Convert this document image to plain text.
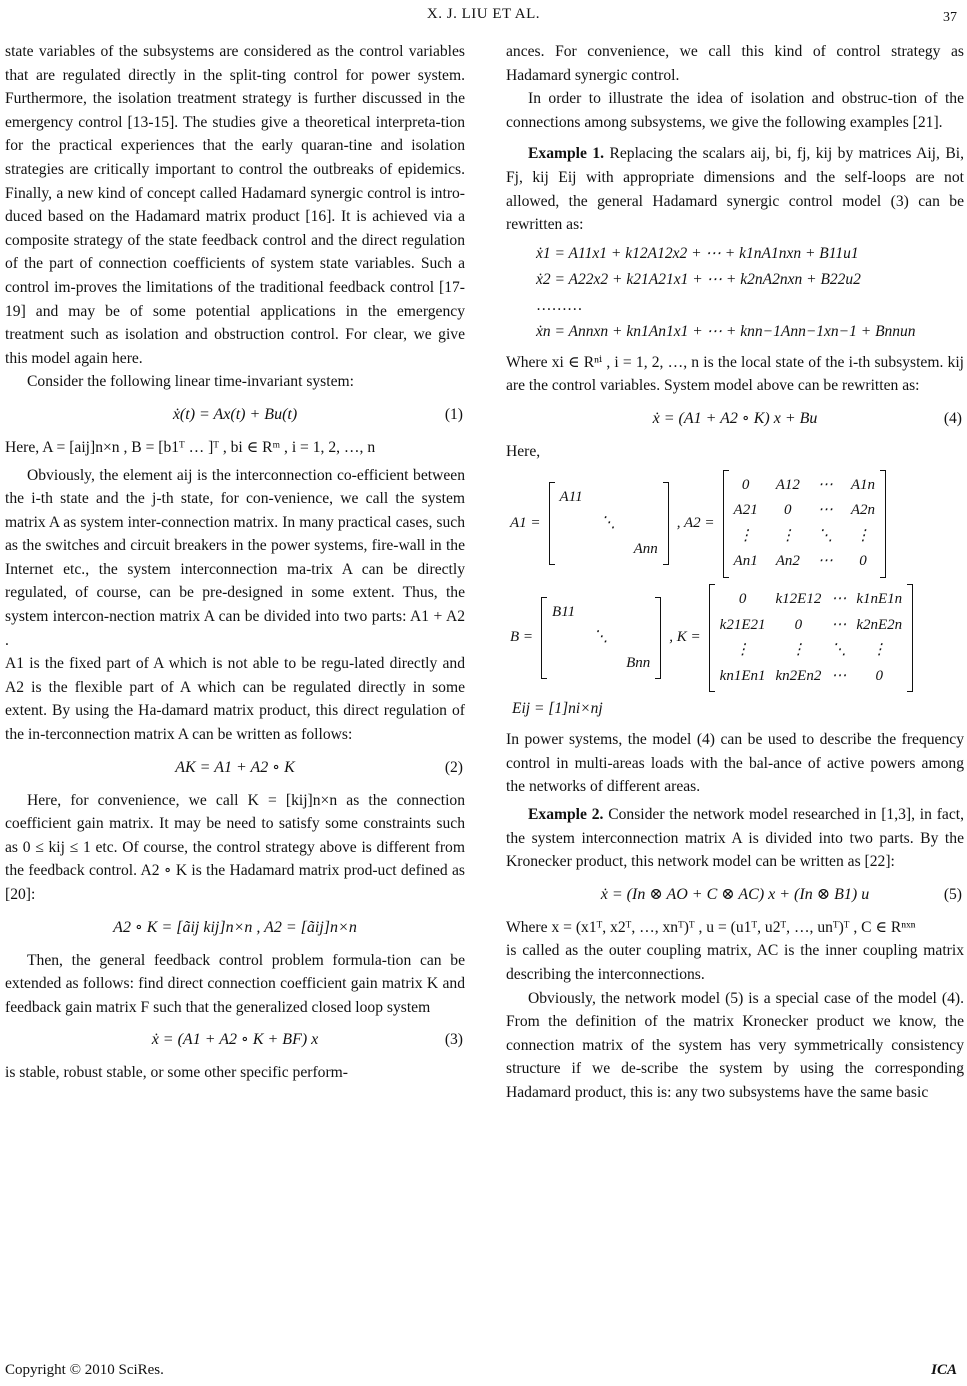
X. J. LIU ET AL.	37

state variables of the subsystems are considered as the control variables that are regulated directly in the split-ting control for power system. Furthermore, the isolation treatment strategy is further discussed in the emergency control [13-15]. The studies give a theoretical interpreta-tion for the practical experiences that the early quaran-tine and isolation strategies are critically important to control the outbreaks of epidemics. Finally, a new kind of concept called Hadamard synergic control is intro-duced based on the Hadamard matrix product [16]. It is achieved via a composite strategy of the state feedback control and the direct regulation of the part of connection coefficients of system state variables. Such a control im-proves the limitations of the traditional feedback control [17-19] and may be of some potential applications in the emergency treatment such as isolation and obstruction control. For clear, we give this model again here.

Consider the following linear time-invariant system:

ẋ(t) = Ax(t) + Bu(t)	(1)

Here, A = [aij]n×n , B = [b1ᵀ … ]ᵀ , bi ∈ Rᵐ , i = 1, 2, …, n

Obviously, the element aij is the interconnection co-efficient between the i-th state and the j-th state, for con-venience, we call the system matrix A as system inter-connection matrix. In many practical cases, such as the switches and circuit breakers in the power systems, fire-wall in the Internet etc., the system interconnection ma-trix A can be directly regulated, of course, can be pre-designed in some extent. Thus, the system intercon-nection matrix A can be divided into two parts: A1 + A2 .

A1 is the fixed part of A which is not able to be regu-lated directly and A2 is the flexible part of A which can be regulated directly in some extent. By using the Ha-damard matrix product, this direct regulation of the in-terconnection matrix A can be written as follows:

AK = A1 + A2 ∘ K	(2)

Here, for convenience, we call K = [kij]n×n as the connection coefficient gain matrix. It may be need to satisfy some constraints such as 0 ≤ kij ≤ 1 etc. Of course, the control strategy above is different from the feedback control. A2 ∘ K is the Hadamard matrix prod-uct defined as [20]:

A2 ∘ K = [ãij kij]n×n , A2 = [ãij]n×n

Then, the general feedback control problem formula-tion can be extended as follows: find direct connection coefficient gain matrix K and feedback gain matrix F such that the generalized closed loop system

ẋ = (A1 + A2 ∘ K + BF) x	(3)

is stable, robust stable, or some other specific perform-

ances. For convenience, we call this kind of control strategy as Hadamard synergic control.

In order to illustrate the idea of isolation and obstruc-tion of the connections among subsystems, we give the following examples [21].

Example 1. Replacing the scalars aij, bi, fj, kij by matrices Aij, Bi, Fj, kij Eij with appropriate dimensions and the self-loops are not allowed, the general Hadamard synergic control model (3) can be rewritten as:

ẋ1 = A11x1 + k12A12x2 + ⋯ + k1nA1nxn + B11u1
ẋ2 = A22x2 + k21A21x1 + ⋯ + k2nA2nxn + B22u2
………
ẋn = Annxn + kn1An1x1 + ⋯ + knn−1Ann−1xn−1 + Bnnun

Where xi ∈ Rⁿⁱ , i = 1, 2, …, n is the local state of the i-th subsystem. kij are the control variables. System model above can be rewritten as:

ẋ = (A1 + A2 ∘ K) x + Bu	(4)

Here,

A1 =
A11
⋱
Ann
, A2 =
0	A12 ⋯ A1n
A21	0	⋯ A2n
⋮	⋮	⋱	⋮
An1 An2 ⋯	0
B =
B11
⋱
Bnn
, K =
0	k12E12 ⋯ k1nE1n
k21E21	0	⋯ k2nE2n
⋮	⋮	⋱	⋮
kn1En1 kn2En2 ⋯	0
Eij = [1]ni×nj

In power systems, the model (4) can be used to describe the frequency control in multi-areas loads with the bal-ance of active powers among the networks of different areas.

Example 2. Consider the network model researched in [1,3], in fact, the system interconnection matrix A is divided into two parts. By the Kronecker product, this network model can be written as [22]:

ẋ = (In ⊗ AO + C ⊗ AC) x + (In ⊗ B1) u	(5)

Where x = (x1ᵀ, x2ᵀ, …, xnᵀ)ᵀ , u = (u1ᵀ, u2ᵀ, …, unᵀ)ᵀ , C ∈ Rⁿˣⁿ

is called as the outer coupling matrix, AC is the inner coupling matrix describing the interconnections.

Obviously, the network model (5) is a special case of the model (4). From the definition of the matrix Kronecker product we know, the connection matrix of the system has very symmetrically consistency structure if we de-scribe the system by using the corresponding Hadamard product, this is: any two subsystems have the same basic

Copyright © 2010 SciRes.	ICA
